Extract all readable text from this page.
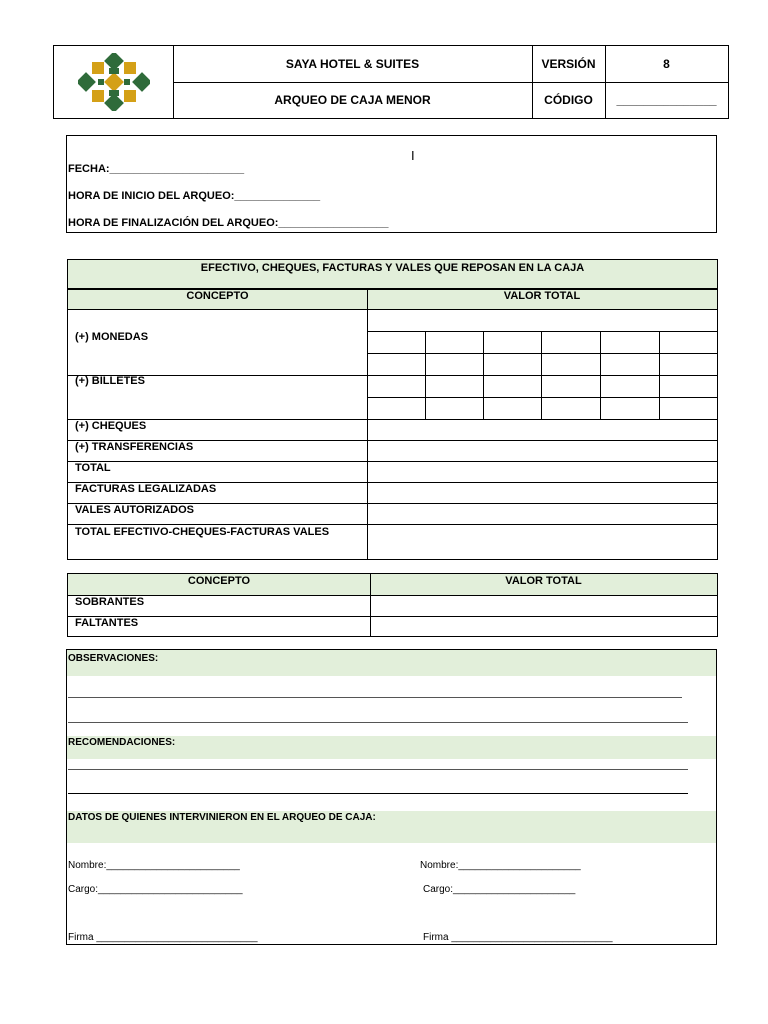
SAYA HOTEL & SUITES
ARQUEO DE CAJA MENOR
VERSIÓN	8
CÓDIGO	_______________
I
FECHA:______________________
HORA DE INICIO DEL ARQUEO:______________
HORA DE FINALIZACIÓN DEL ARQUEO:__________________
EFECTIVO, CHEQUES, FACTURAS Y VALES QUE REPOSAN EN LA CAJA
CONCEPTO	VALOR TOTAL
(+) MONEDAS
(+) BILLETES
(+) CHEQUES
(+) TRANSFERENCIAS
TOTAL
FACTURAS LEGALIZADAS
VALES AUTORIZADOS
TOTAL EFECTIVO-CHEQUES-FACTURAS VALES
CONCEPTO	VALOR TOTAL
SOBRANTES
FALTANTES
OBSERVACIONES:
RECOMENDACIONES:
DATOS DE QUIENES INTERVINIERON EN EL ARQUEO DE CAJA:
Nombre:________________________
Cargo:__________________________
Firma _____________________________
Nombre:______________________
Cargo:______________________
Firma _____________________________
